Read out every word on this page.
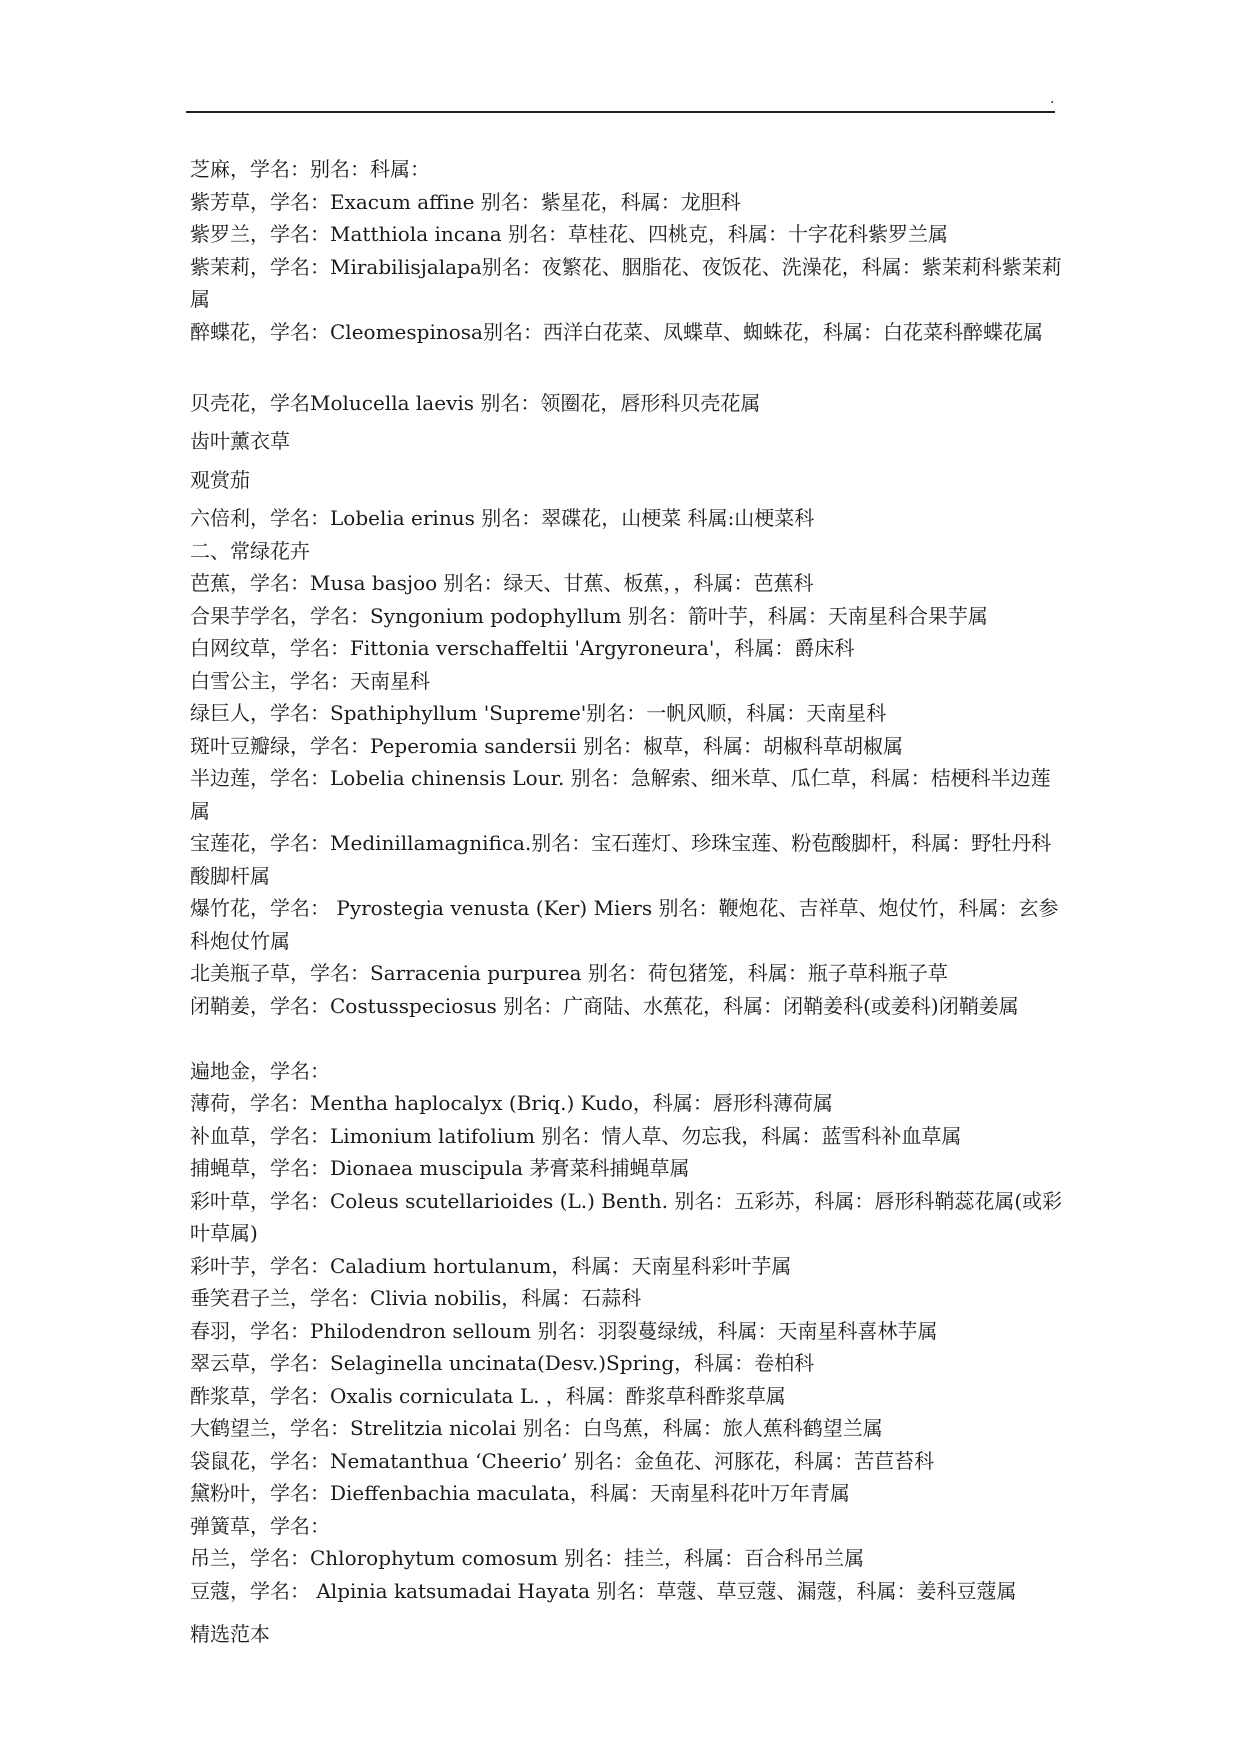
.
芝麻，学名：别名：科属：
紫芳草，学名：Exacum affine 别名：紫星花，科属：龙胆科
紫罗兰，学名：Matthiola incana 别名：草桂花、四桃克，科属：十字花科紫罗兰属
紫茉莉，学名：Mirabilisjalapa别名：夜繁花、胭脂花、夜饭花、洗澡花，科属：紫茉莉科紫茉莉属
醉蝶花，学名：Cleomespinosa别名：西洋白花菜、凤蝶草、蜘蛛花，科属：白花菜科醉蝶花属
贝壳花，学名Molucella laevis 别名：领圈花，唇形科贝壳花属
齿叶薰衣草
观赏茄
六倍利，学名：Lobelia erinus 别名：翠碟花，山梗菜 科属:山梗菜科
二、常绿花卉
芭蕉，学名：Musa basjoo 别名：绿天、甘蕉、板蕉，，科属：芭蕉科
合果芋学名，学名：Syngonium podophyllum 别名：箭叶芋，科属：天南星科合果芋属
白网纹草，学名：Fittonia verschaffeltii 'Argyroneura'，科属：爵床科
白雪公主，学名：天南星科
绿巨人，学名：Spathiphyllum 'Supreme'别名：一帆风顺，科属：天南星科
斑叶豆瓣绿，学名：Peperomia sandersii 别名：椒草，科属：胡椒科草胡椒属
半边莲，学名：Lobelia chinensis Lour. 别名：急解索、细米草、瓜仁草，科属：桔梗科半边莲属
宝莲花，学名：Medinillamagnifica.别名：宝石莲灯、珍珠宝莲、粉苞酸脚杆，科属：野牡丹科酸脚杆属
爆竹花，学名： Pyrostegia venusta (Ker) Miers 别名：鞭炮花、吉祥草、炮仗竹，科属：玄参科炮仗竹属
北美瓶子草，学名：Sarracenia purpurea 别名：荷包猪笼，科属：瓶子草科瓶子草
闭鞘姜，学名：Costusspeciosus 别名：广商陆、水蕉花，科属：闭鞘姜科(或姜科)闭鞘姜属
遍地金，学名：
薄荷，学名：Mentha haplocalyx (Briq.) Kudo，科属：唇形科薄荷属
补血草，学名：Limonium latifolium 别名：情人草、勿忘我，科属：蓝雪科补血草属
捕蝇草，学名：Dionaea muscipula 茅膏菜科捕蝇草属
彩叶草，学名：Coleus scutellarioides (L.) Benth. 别名：五彩苏，科属：唇形科鞘蕊花属(或彩叶草属)
彩叶芋，学名：Caladium hortulanum，科属：天南星科彩叶芋属
垂笑君子兰，学名：Clivia nobilis，科属：石蒜科
春羽，学名：Philodendron selloum 别名：羽裂蔓绿绒，科属：天南星科喜林芋属
翠云草，学名：Selaginella uncinata(Desv.)Spring，科属：卷柏科
酢浆草，学名：Oxalis corniculata L. ，科属：酢浆草科酢浆草属
大鹤望兰，学名：Strelitzia nicolai 别名：白鸟蕉，科属：旅人蕉科鹤望兰属
袋鼠花，学名：Nematanthua ‘Cheerio’ 别名：金鱼花、河豚花，科属：苦苣苔科
黛粉叶，学名：Dieffenbachia maculata，科属：天南星科花叶万年青属
弹簧草，学名：
吊兰，学名：Chlorophytum comosum 别名：挂兰，科属：百合科吊兰属
豆蔻，学名： Alpinia katsumadai Hayata 别名：草蔻、草豆蔻、漏蔻，科属：姜科豆蔻属
精选范本
